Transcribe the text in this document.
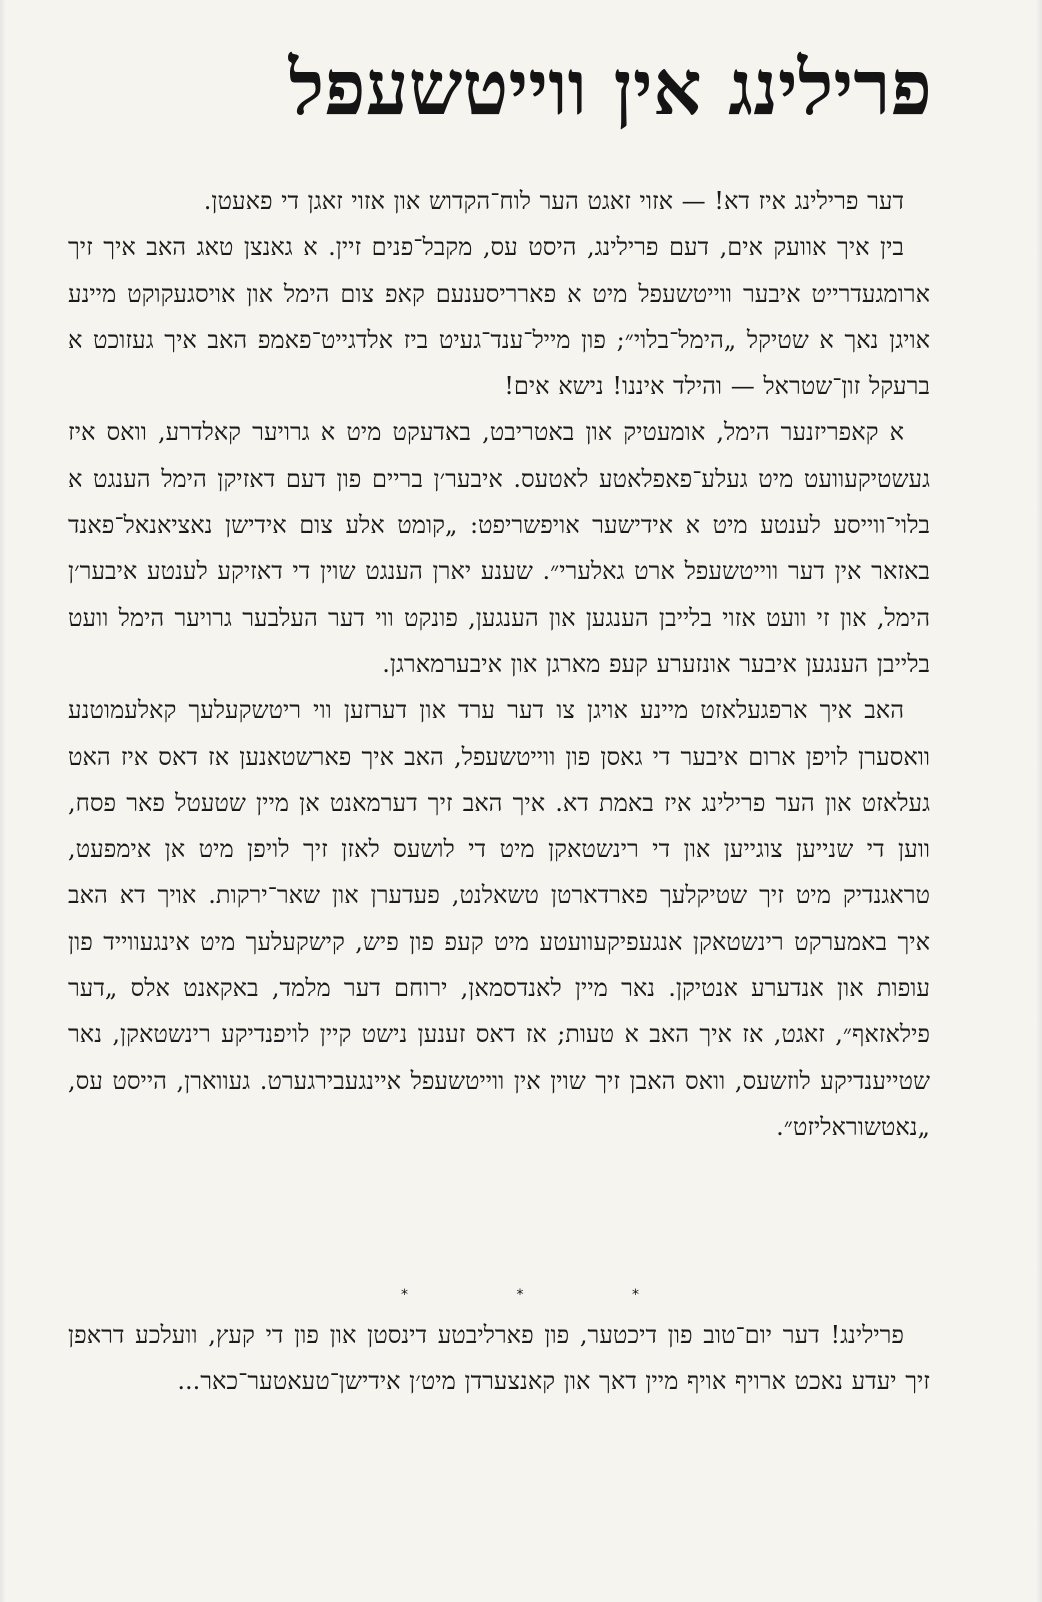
פרילינג אין ווייטשעפל

דער פרילינג איז דא! — אזוי זאגט הער לוח־הקדוש און אזוי זאגן די פאעטן.

בין איך אוועק אים, דעם פרילינג, היסט עס, מקבל־פנים זיין. א גאנצן טאג האב איך זיך ארומגעדרייט איבער ווייטשעפל מיט א פארריסענעם קאפ צום הימל און אויסגעקוקט מיינע אויגן נאך א שטיקל „הימל־בלוי״; פון מייל־ענד־געיט ביז אלדגייט־פאמפ האב איך געזוכט א ברעקל זון־שטראל — והילד איננו! נישא אים!

א קאפריזנער הימל, אומעטיק און באטריבט, באדעקט מיט א גרויער קאלדרע, וואס איז געשטיקעוועט מיט געלע־פאפלאטע לאטעס. איבער׳ן בריים פון דעם דאזיקן הימל הענגט א בלוי־ווייסע לענטע מיט א אידישער אויפשריפט: „קומט אלע צום אידישן נאציאנאל־פאנד באזאר אין דער ווייטשעפל ארט גאלערי״. שענע יארן הענגט שוין די דאזיקע לענטע איבער׳ן הימל, און זי וועט אזוי בלייבן הענגען און הענגען, פונקט ווי דער העלבער גרויער הימל וועט בלייבן הענגען איבער אונזערע קעפ מארגן און איבערמארגן.

האב איך ארפגעלאזט מיינע אויגן צו דער ערד און דערזען ווי ריטשקעלעך קאלעמוטנע וואסערן לויפן ארום איבער די גאסן פון ווייטשעפל, האב איך פארשטאנען אז דאס איז האט געלאזט און הער פרילינג איז באמת דא. איך האב זיך דערמאנט אן מיין שטעטל פאר פסח, ווען די שנייען צוגייען און די רינשטאקן מיט די לושעס לאזן זיך לויפן מיט אן אימפעט, טראגנדיק מיט זיך שטיקלעך פארדארטן טשאלנט, פעדערן און שאר־ירקות. אויך דא האב איך באמערקט רינשטאקן אנגעפיקעוועטע מיט קעפ פון פיש, קישקעלעך מיט אינגעווייד פון עופות און אנדערע אנטיקן. נאר מיין לאנדסמאן, ירוחם דער מלמד, באקאנט אלס „דער פילאזאף״, זאגט, אז איך האב א טעות; אז דאס זענען נישט קיין לויפנדיקע רינשטאקן, נאר שטייענדיקע לוזשעס, וואס האבן זיך שוין אין ווייטשעפל איינגעבירגערט. געווארן, הייסט עס, „נאטשוראליזט״.

* * *

פרילינג! דער יום־טוב פון דיכטער, פון פארליבטע דינסטן און פון די קעץ, וועלכע דראפן זיך יעדע נאכט ארויף אויף מיין דאך און קאנצערדן מיט׳ן אידישן־טעאטער־כאר...
